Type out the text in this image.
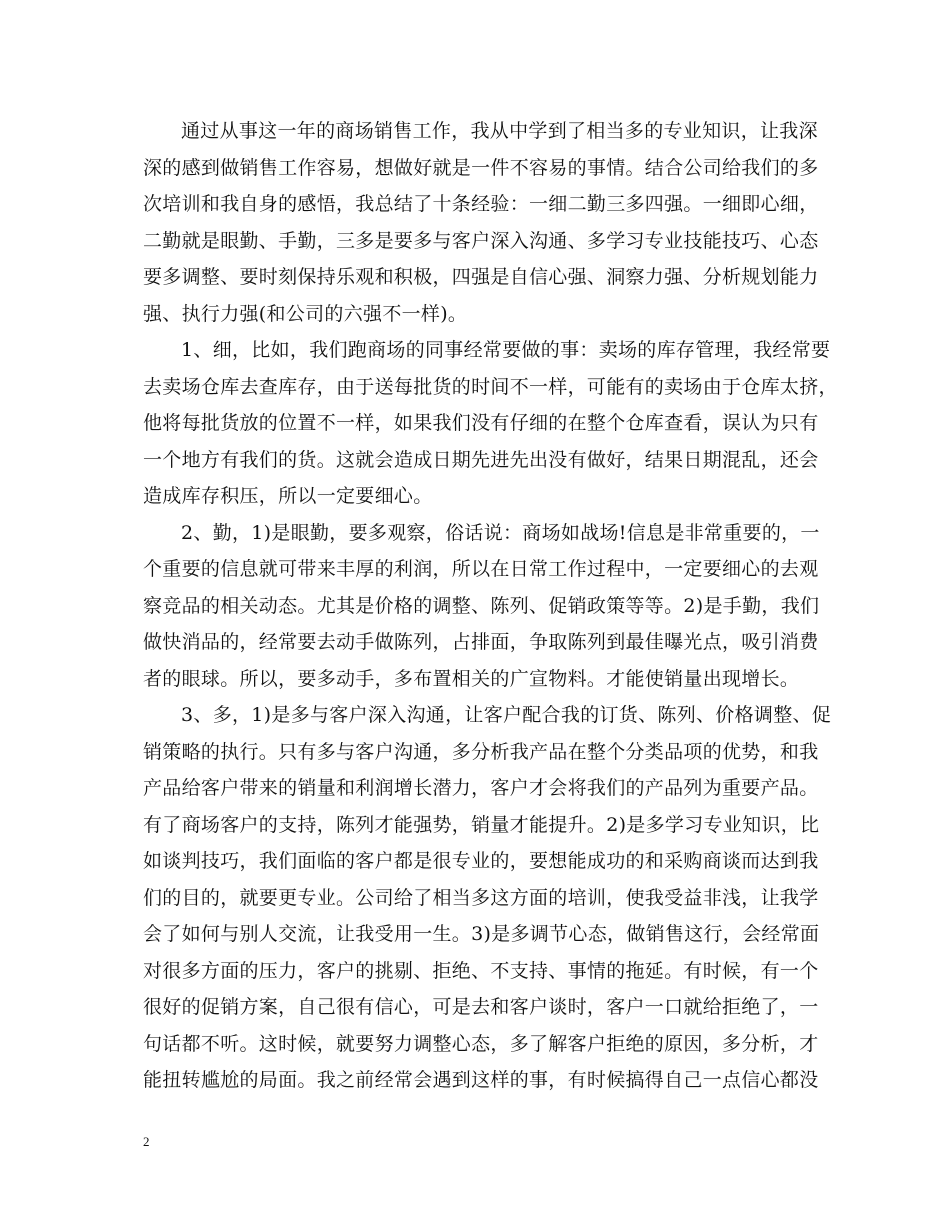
通过从事这一年的商场销售工作，我从中学到了相当多的专业知识，让我深
深的感到做销售工作容易，想做好就是一件不容易的事情。结合公司给我们的多
次培训和我自身的感悟，我总结了十条经验：一细二勤三多四强。一细即心细，
二勤就是眼勤、手勤，三多是要多与客户深入沟通、多学习专业技能技巧、心态
要多调整、要时刻保持乐观和积极，四强是自信心强、洞察力强、分析规划能力
强、执行力强(和公司的六强不一样)。

1、细，比如，我们跑商场的同事经常要做的事：卖场的库存管理，我经常要
去卖场仓库去查库存，由于送每批货的时间不一样，可能有的卖场由于仓库太挤，
他将每批货放的位置不一样，如果我们没有仔细的在整个仓库查看，误认为只有
一个地方有我们的货。这就会造成日期先进先出没有做好，结果日期混乱，还会
造成库存积压，所以一定要细心。

2、勤，1)是眼勤，要多观察，俗话说：商场如战场!信息是非常重要的，一
个重要的信息就可带来丰厚的利润，所以在日常工作过程中，一定要细心的去观
察竞品的相关动态。尤其是价格的调整、陈列、促销政策等等。2)是手勤，我们
做快消品的，经常要去动手做陈列，占排面，争取陈列到最佳曝光点，吸引消费
者的眼球。所以，要多动手，多布置相关的广宣物料。才能使销量出现增长。

3、多，1)是多与客户深入沟通，让客户配合我的订货、陈列、价格调整、促
销策略的执行。只有多与客户沟通，多分析我产品在整个分类品项的优势，和我
产品给客户带来的销量和利润增长潜力，客户才会将我们的产品列为重要产品。
有了商场客户的支持，陈列才能强势，销量才能提升。2)是多学习专业知识，比
如谈判技巧，我们面临的客户都是很专业的，要想能成功的和采购商谈而达到我
们的目的，就要更专业。公司给了相当多这方面的培训，使我受益非浅，让我学
会了如何与别人交流，让我受用一生。3)是多调节心态，做销售这行，会经常面
对很多方面的压力，客户的挑剔、拒绝、不支持、事情的拖延。有时候，有一个
很好的促销方案，自己很有信心，可是去和客户谈时，客户一口就给拒绝了，一
句话都不听。这时候，就要努力调整心态，多了解客户拒绝的原因，多分析，才
能扭转尴尬的局面。我之前经常会遇到这样的事，有时候搞得自己一点信心都没

2
